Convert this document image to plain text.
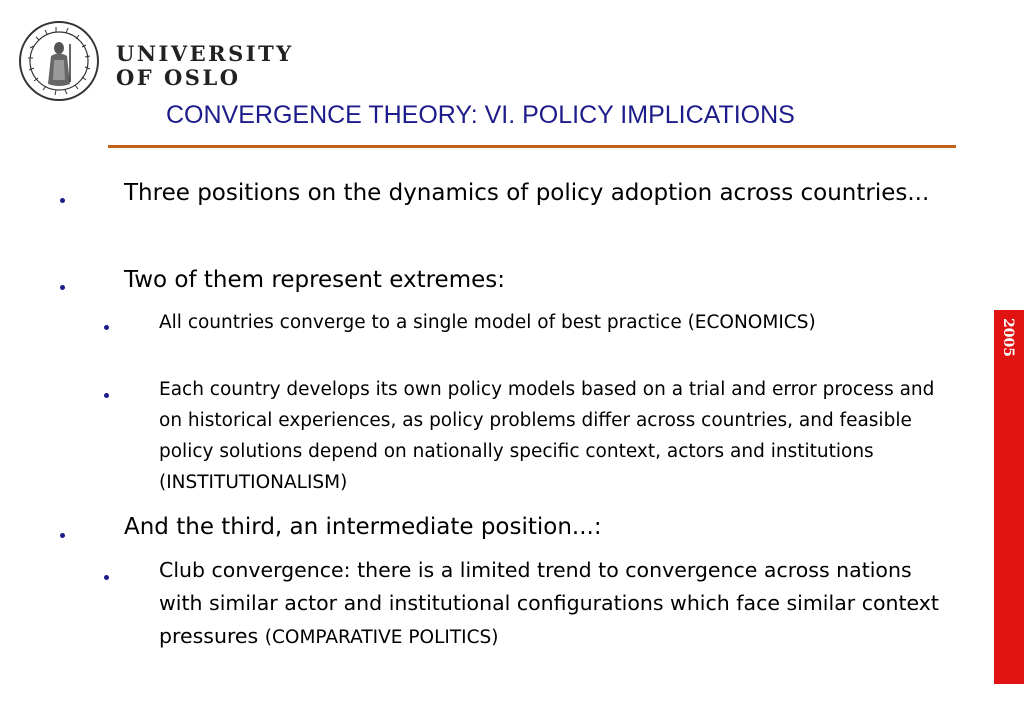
UNIVERSITY
OF OSLO
CONVERGENCE THEORY: VI. POLICY IMPLICATIONS
2005
Three positions on the dynamics of policy adoption across countries...
Two of them represent extremes:
All countries converge to a single model of best practice (ECONOMICS)
Each country develops its own policy models based on a trial and error process and on historical experiences, as policy problems differ across countries, and feasible policy solutions depend on nationally specific context, actors and institutions (INSTITUTIONALISM)
And the third, an intermediate position...:
Club convergence: there is a limited trend to convergence across nations with similar actor and institutional configurations which face similar context pressures (COMPARATIVE POLITICS)
